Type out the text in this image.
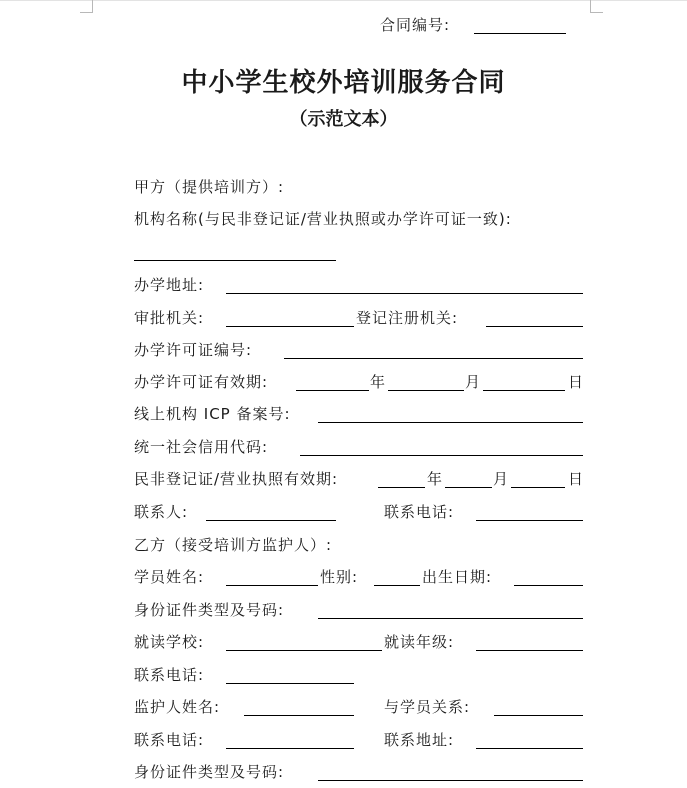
合同编号:
中小学生校外培训服务合同
（示范文本）
甲方（提供培训方）:
机构名称(与民非登记证/营业执照或办学许可证一致):
办学地址:
审批机关:	登记注册机关:
办学许可证编号:
办学许可证有效期:	年	月	日
线上机构 ICP 备案号:
统一社会信用代码:
民非登记证/营业执照有效期:	年	月	日
联系人:	联系电话:
乙方（接受培训方监护人）:
学员姓名:	性别:	出生日期:
身份证件类型及号码:
就读学校:	就读年级:
联系电话:
监护人姓名:	与学员关系:
联系电话:	联系地址:
身份证件类型及号码:
